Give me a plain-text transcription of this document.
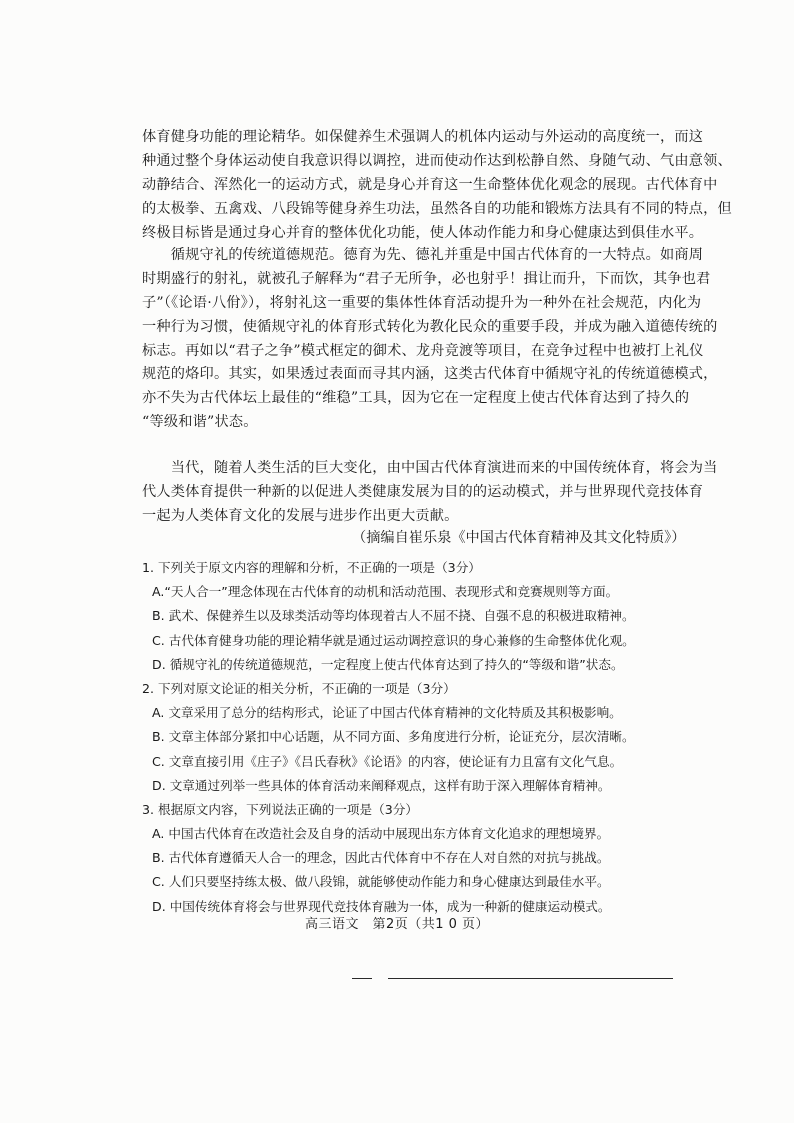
体育健身功能的理论精华。如保健养生术强调人的机体内运动与外运动的高度统一，而这
种通过整个身体运动使自我意识得以调控，进而使动作达到松静自然、身随气动、气由意领、
动静结合、浑然化一的运动方式，就是身心并育这一生命整体优化观念的展现。古代体育中
的太极拳、五禽戏、八段锦等健身养生功法，虽然各自的功能和锻炼方法具有不同的特点，但
终极目标皆是通过身心并育的整体优化功能，使人体动作能力和身心健康达到俱佳水平。
　　循规守礼的传统道德规范。德育为先、德礼并重是中国古代体育的一大特点。如商周
时期盛行的射礼，就被孔子解释为“君子无所争，必也射乎！揖让而升，下而饮，其争也君
子”（《论语·八佾》），将射礼这一重要的集体性体育活动提升为一种外在社会规范，内化为
一种行为习惯，使循规守礼的体育形式转化为教化民众的重要手段，并成为融入道德传统的
标志。再如以“君子之争”模式框定的御术、龙舟竞渡等项目，在竞争过程中也被打上礼仪
规范的烙印。其实，如果透过表面而寻其内涵，这类古代体育中循规守礼的传统道德模式，
亦不失为古代体坛上最佳的“维稳”工具，因为它在一定程度上使古代体育达到了持久的
“等级和谐”状态。
　　当代，随着人类生活的巨大变化，由中国古代体育演进而来的中国传统体育，将会为当
代人类体育提供一种新的以促进人类健康发展为目的的运动模式，并与世界现代竞技体育
一起为人类体育文化的发展与进步作出更大贡献。
（摘编自崔乐泉《中国古代体育精神及其文化特质》）
1. 下列关于原文内容的理解和分析，不正确的一项是（3分）
A.“天人合一”理念体现在古代体育的动机和活动范围、表现形式和竞赛规则等方面。
B. 武术、保健养生以及球类活动等均体现着古人不屈不挠、自强不息的积极进取精神。
C. 古代体育健身功能的理论精华就是通过运动调控意识的身心兼修的生命整体优化观。
D. 循规守礼的传统道德规范，一定程度上使古代体育达到了持久的“等级和谐”状态。
2. 下列对原文论证的相关分析，不正确的一项是（3分）
A. 文章采用了总分的结构形式，论证了中国古代体育精神的文化特质及其积极影响。
B. 文章主体部分紧扣中心话题，从不同方面、多角度进行分析，论证充分，层次清晰。
C. 文章直接引用《庄子》《吕氏春秋》《论语》的内容，使论证有力且富有文化气息。
D. 文章通过列举一些具体的体育活动来阐释观点，这样有助于深入理解体育精神。
3. 根据原文内容，下列说法正确的一项是（3分）
A. 中国古代体育在改造社会及自身的活动中展现出东方体育文化追求的理想境界。
B. 古代体育遵循天人合一的理念，因此古代体育中不存在人对自然的对抗与挑战。
C. 人们只要坚持练太极、做八段锦，就能够使动作能力和身心健康达到最佳水平。
D. 中国传统体育将会与世界现代竞技体育融为一体，成为一种新的健康运动模式。
高三语文　第2页（共1 0 页）
